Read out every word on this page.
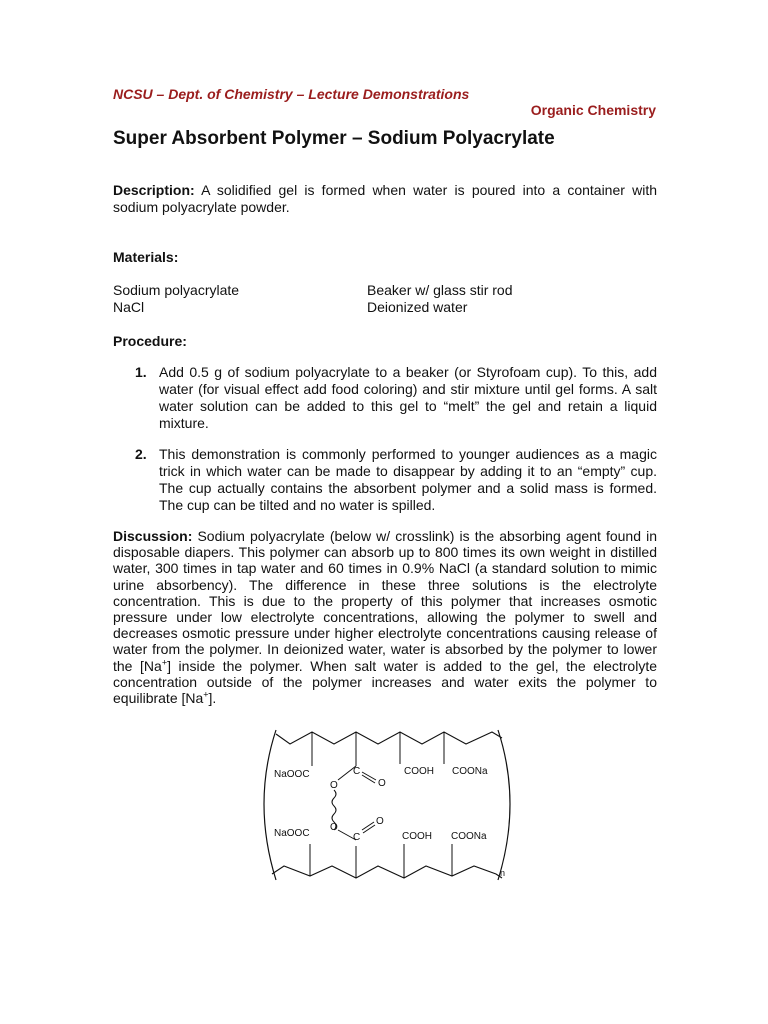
NCSU – Dept. of Chemistry – Lecture Demonstrations
Organic Chemistry
Super Absorbent Polymer – Sodium Polyacrylate
Description: A solidified gel is formed when water is poured into a container with sodium polyacrylate powder.
Materials:
Sodium polyacrylate
NaCl
Beaker w/ glass stir rod
Deionized water
Procedure:
1. Add 0.5 g of sodium polyacrylate to a beaker (or Styrofoam cup). To this, add water (for visual effect add food coloring) and stir mixture until gel forms. A salt water solution can be added to this gel to “melt” the gel and retain a liquid mixture.
2. This demonstration is commonly performed to younger audiences as a magic trick in which water can be made to disappear by adding it to an “empty” cup. The cup actually contains the absorbent polymer and a solid mass is formed. The cup can be tilted and no water is spilled.
Discussion: Sodium polyacrylate (below w/ crosslink) is the absorbing agent found in disposable diapers. This polymer can absorb up to 800 times its own weight in distilled water, 300 times in tap water and 60 times in 0.9% NaCl (a standard solution to mimic urine absorbency). The difference in these three solutions is the electrolyte concentration. This is due to the property of this polymer that increases osmotic pressure under low electrolyte concentrations, allowing the polymer to swell and decreases osmotic pressure under higher electrolyte concentrations causing release of water from the polymer. In deionized water, water is absorbed by the polymer to lower the [Na+] inside the polymer. When salt water is added to the gel, the electrolyte concentration outside of the polymer increases and water exits the polymer to equilibrate [Na+].
NaOOC	C
O
O
COOH COONa
NaOOC
O
C
O
COOH COONa
n
